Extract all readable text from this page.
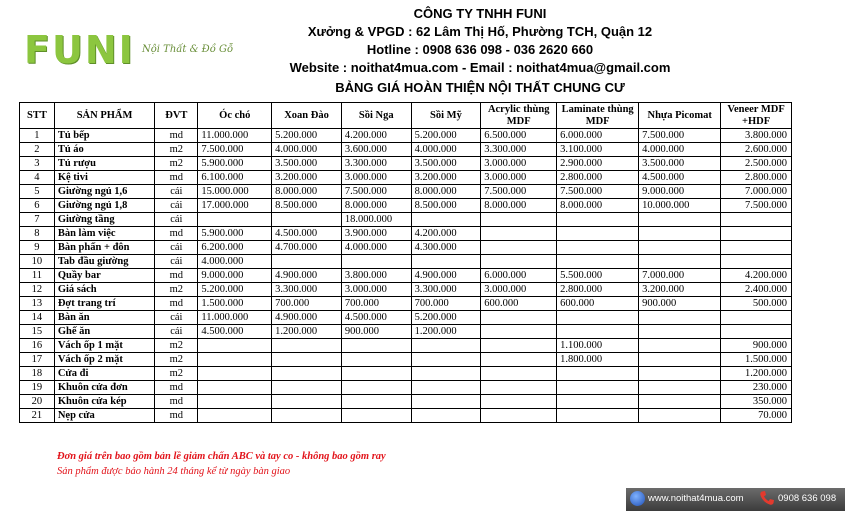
FUNI Nội Thất & Đồ Gỗ
CÔNG TY TNHH FUNI
Xưởng & VPGD : 62 Lâm Thị Hố, Phường TCH, Quận 12
Hotline : 0908 636 098 - 036 2620 660
Website : noithat4mua.com - Email : noithat4mua@gmail.com
BẢNG GIÁ HOÀN THIỆN NỘI THẤT CHUNG CƯ
STT	SẢN PHẨM	ĐVT	Óc chó	Xoan Đào	Sồi Nga	Sồi Mỹ	Acrylic thùng MDF	Laminate thùng MDF	Nhựa Picomat	Veneer MDF +HDF
1	Tủ bếp	md	11.000.000	5.200.000	4.200.000	5.200.000	6.500.000	6.000.000	7.500.000	3.800.000
2	Tủ áo	m2	7.500.000	4.000.000	3.600.000	4.000.000	3.300.000	3.100.000	4.000.000	2.600.000
3	Tủ rượu	m2	5.900.000	3.500.000	3.300.000	3.500.000	3.000.000	2.900.000	3.500.000	2.500.000
4	Kệ tivi	md	6.100.000	3.200.000	3.000.000	3.200.000	3.000.000	2.800.000	4.500.000	2.800.000
5	Giường ngủ 1,6	cái	15.000.000	8.000.000	7.500.000	8.000.000	7.500.000	7.500.000	9.000.000	7.000.000
6	Giường ngủ 1,8	cái	17.000.000	8.500.000	8.000.000	8.500.000	8.000.000	8.000.000	10.000.000	7.500.000
7	Giường tầng	cái			18.000.000					
8	Bàn làm việc	md	5.900.000	4.500.000	3.900.000	4.200.000				
9	Bàn phấn + đôn	cái	6.200.000	4.700.000	4.000.000	4.300.000				
10	Tab đầu giường	cái	4.000.000							
11	Quầy bar	md	9.000.000	4.900.000	3.800.000	4.900.000	6.000.000	5.500.000	7.000.000	4.200.000
12	Giá sách	m2	5.200.000	3.300.000	3.000.000	3.300.000	3.000.000	2.800.000	3.200.000	2.400.000
13	Đợt trang trí	md	1.500.000	700.000	700.000	700.000	600.000	600.000	900.000	500.000
14	Bàn ăn	cái	11.000.000	4.900.000	4.500.000	5.200.000				
15	Ghế ăn	cái	4.500.000	1.200.000	900.000	1.200.000				
16	Vách ốp 1 mặt	m2						1.100.000		900.000
17	Vách ốp 2 mặt	m2						1.800.000		1.500.000
18	Cửa đi	m2								1.200.000
19	Khuôn cửa đơn	md								230.000
20	Khuôn cửa kép	md								350.000
21	Nẹp cửa	md								70.000
Đơn giá trên bao gồm bản lề giảm chấn ABC và tay co - không bao gồm ray
Sản phẩm được bảo hành 24 tháng kể từ ngày bàn giao
www.noithat4mua.com	0908 636 098
